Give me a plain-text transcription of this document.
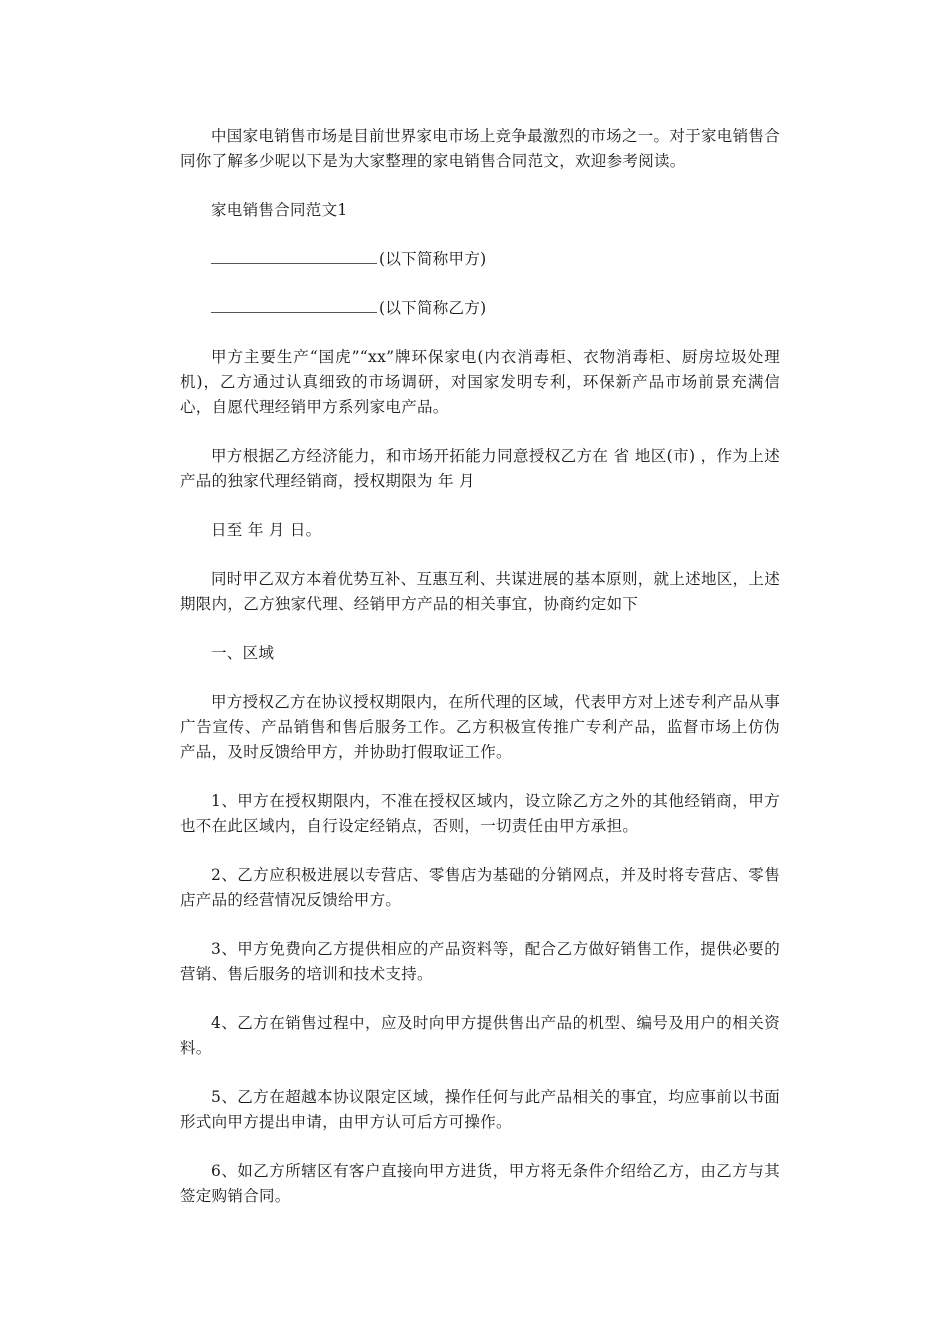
中国家电销售市场是目前世界家电市场上竞争最激烈的市场之一。对于家电销售合同你了解多少呢以下是为大家整理的家电销售合同范文，欢迎参考阅读。

家电销售合同范文1

(以下简称甲方)

(以下简称乙方)

甲方主要生产“国虎”“xx”牌环保家电(内衣消毒柜、衣物消毒柜、厨房垃圾处理机)，乙方通过认真细致的市场调研，对国家发明专利，环保新产品市场前景充满信心，自愿代理经销甲方系列家电产品。

甲方根据乙方经济能力，和市场开拓能力同意授权乙方在 省 地区(市) ，作为上述产品的独家代理经销商，授权期限为 年 月

日至 年 月 日。

同时甲乙双方本着优势互补、互惠互利、共谋进展的基本原则，就上述地区，上述期限内，乙方独家代理、经销甲方产品的相关事宜，协商约定如下

一、区域

甲方授权乙方在协议授权期限内，在所代理的区域，代表甲方对上述专利产品从事广告宣传、产品销售和售后服务工作。乙方积极宣传推广专利产品，监督市场上仿伪产品，及时反馈给甲方，并协助打假取证工作。

1、甲方在授权期限内，不准在授权区域内，设立除乙方之外的其他经销商，甲方也不在此区域内，自行设定经销点，否则，一切责任由甲方承担。

2、乙方应积极进展以专营店、零售店为基础的分销网点，并及时将专营店、零售店产品的经营情况反馈给甲方。

3、甲方免费向乙方提供相应的产品资料等，配合乙方做好销售工作，提供必要的营销、售后服务的培训和技术支持。

4、乙方在销售过程中，应及时向甲方提供售出产品的机型、编号及用户的相关资料。

5、乙方在超越本协议限定区域，操作任何与此产品相关的事宜，均应事前以书面形式向甲方提出申请，由甲方认可后方可操作。

6、如乙方所辖区有客户直接向甲方进货，甲方将无条件介绍给乙方，由乙方与其签定购销合同。
